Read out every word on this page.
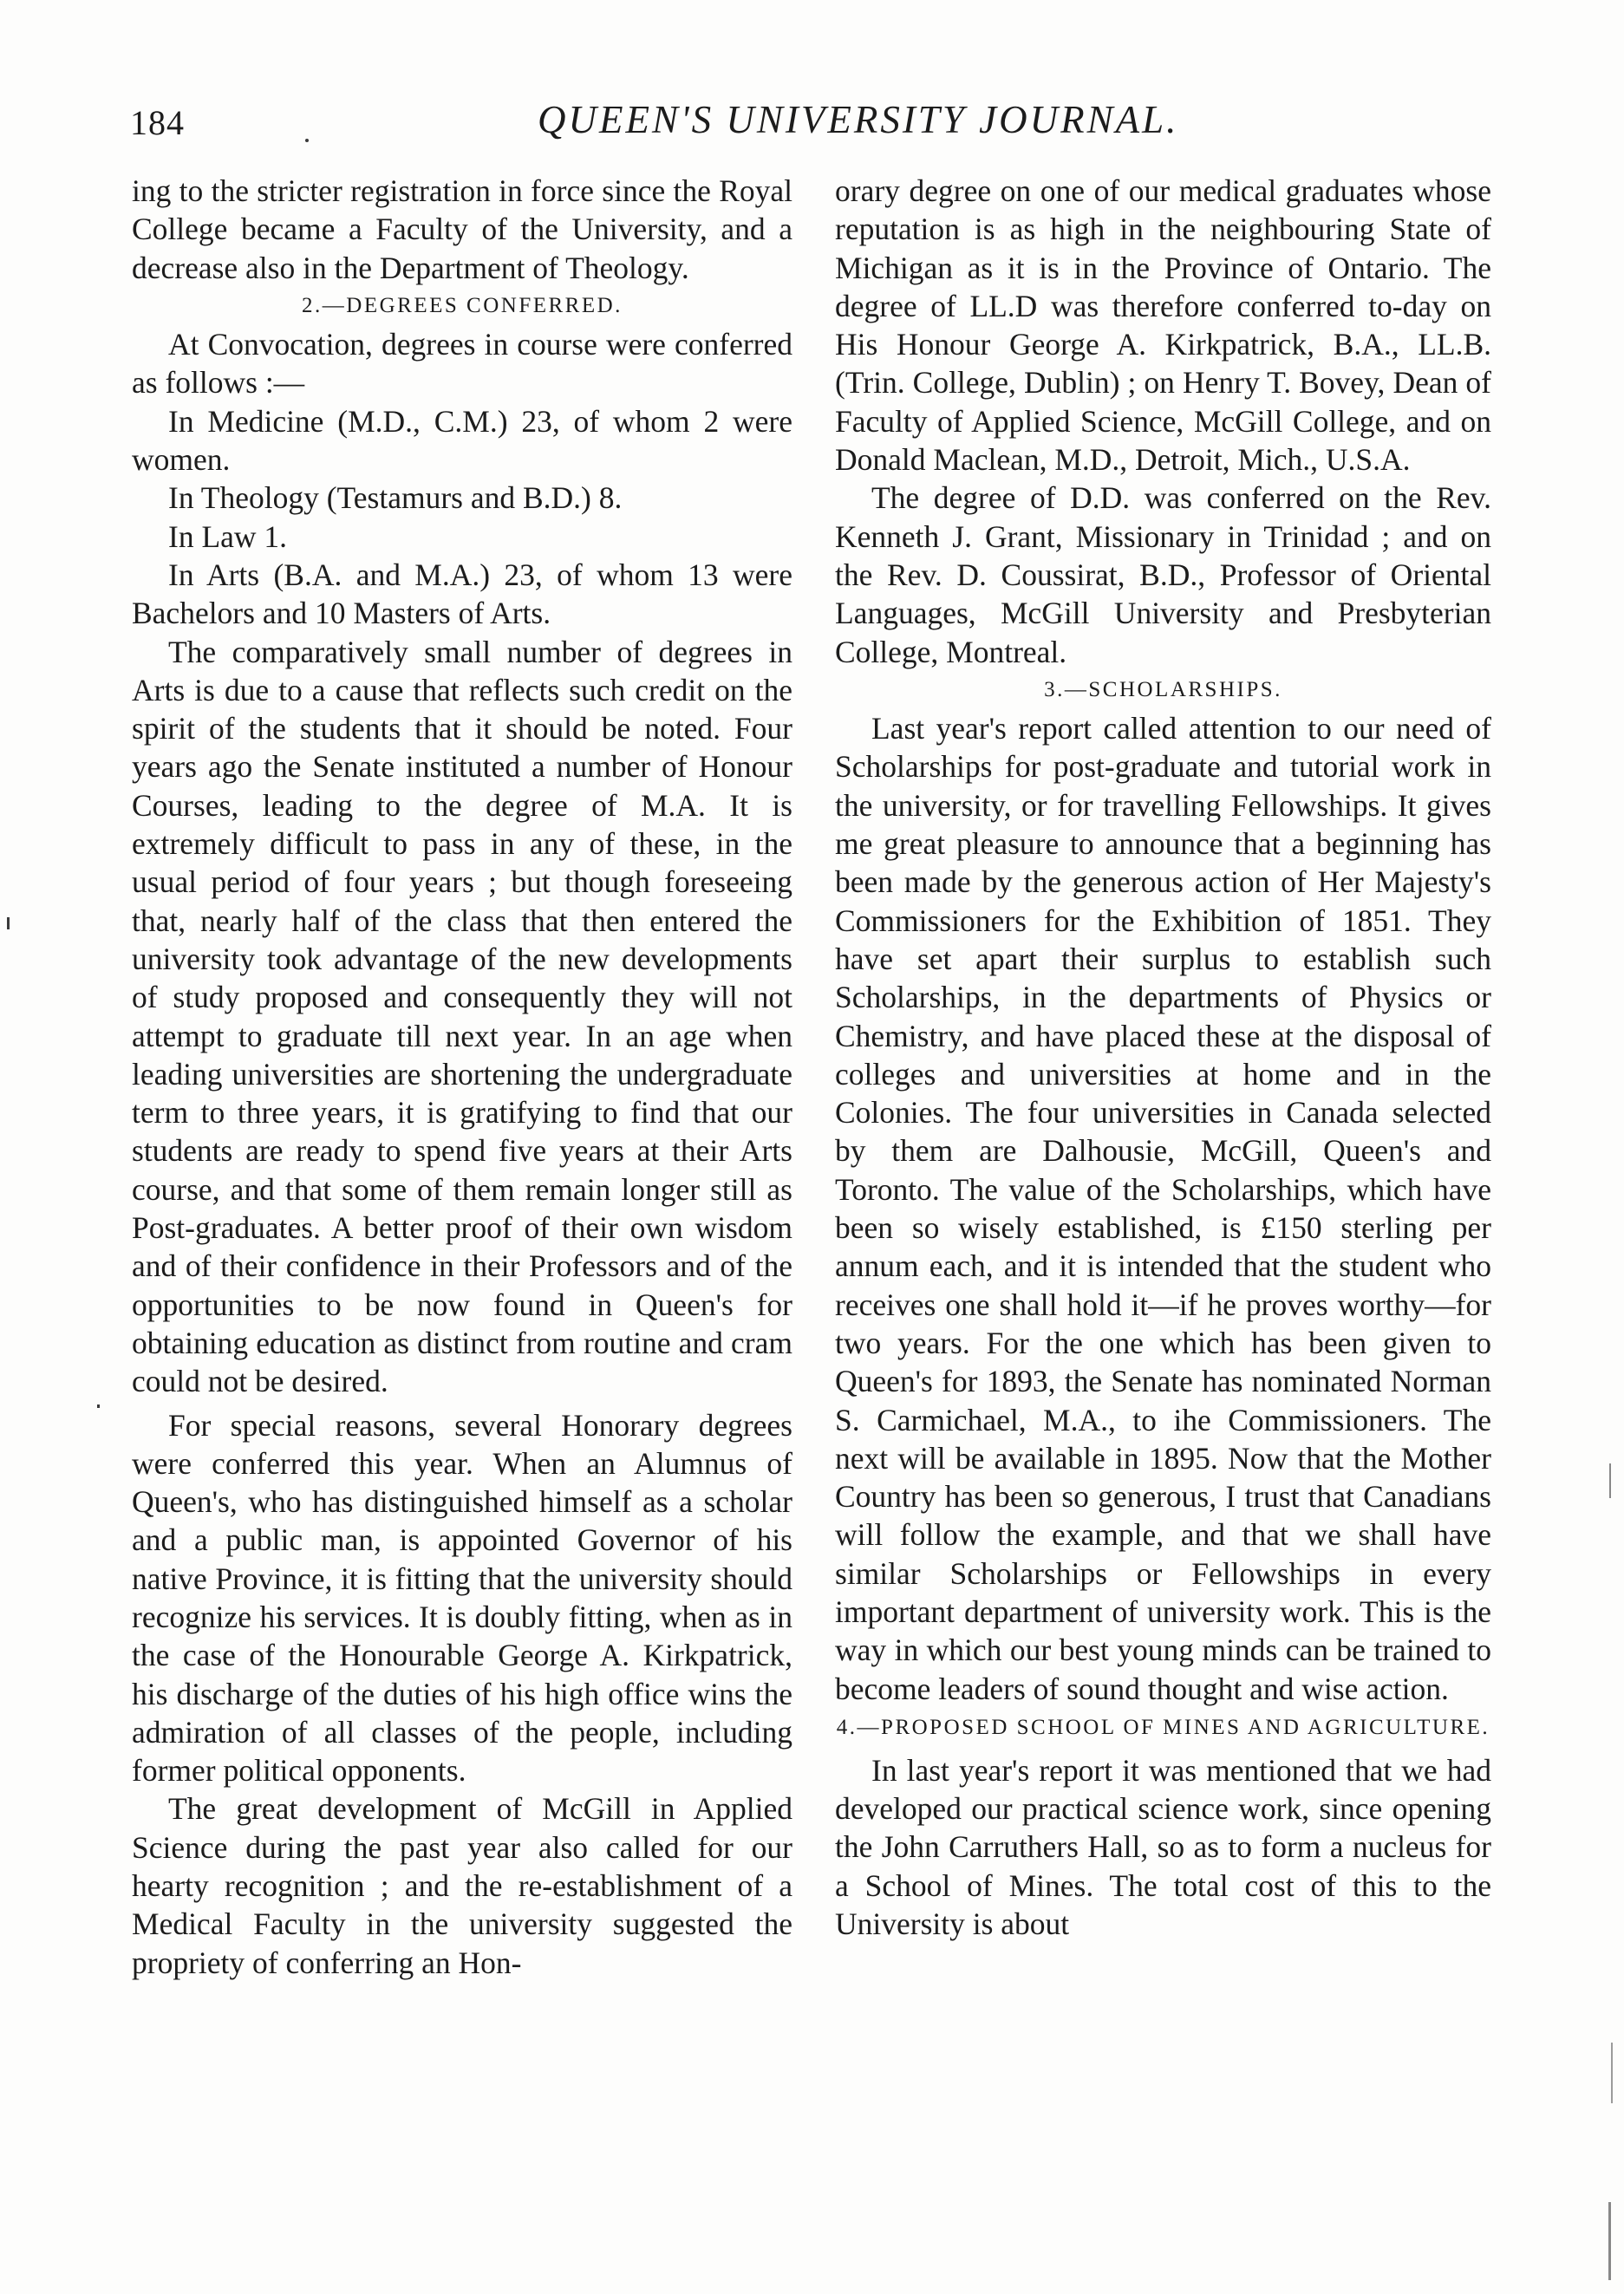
184	QUEEN'S UNIVERSITY JOURNAL.

ing to the stricter registration in force since the Royal College became a Faculty of the University, and a decrease also in the Department of Theology.

2.—DEGREES CONFERRED.

At Convocation, degrees in course were conferred as follows :—

In Medicine (M.D., C.M.) 23, of whom 2 were women.

In Theology (Testamurs and B.D.) 8.

In Law 1.

In Arts (B.A. and M.A.) 23, of whom 13 were Bachelors and 10 Masters of Arts.

The comparatively small number of degrees in Arts is due to a cause that reflects such credit on the spirit of the students that it should be noted. Four years ago the Senate instituted a number of Honour Courses, leading to the degree of M.A. It is extremely difficult to pass in any of these, in the usual period of four years ; but though foreseeing that, nearly half of the class that then entered the university took advantage of the new developments of study proposed and consequently they will not attempt to graduate till next year. In an age when leading universities are shortening the undergraduate term to three years, it is gratifying to find that our students are ready to spend five years at their Arts course, and that some of them remain longer still as Post-graduates. A better proof of their own wisdom and of their confidence in their Professors and of the opportunities to be now found in Queen's for obtaining education as distinct from routine and cram could not be desired.

For special reasons, several Honorary degrees were conferred this year. When an Alumnus of Queen's, who has distinguished himself as a scholar and a public man, is appointed Governor of his native Province, it is fitting that the university should recognize his services. It is doubly fitting, when as in the case of the Honourable George A. Kirkpatrick, his discharge of the duties of his high office wins the admiration of all classes of the people, including former political opponents.

The great development of McGill in Applied Science during the past year also called for our hearty recognition ; and the re-establishment of a Medical Faculty in the university suggested the propriety of conferring an Hon-

orary degree on one of our medical graduates whose reputation is as high in the neighbouring State of Michigan as it is in the Province of Ontario. The degree of LL.D was therefore conferred to-day on His Honour George A. Kirkpatrick, B.A., LL.B. (Trin. College, Dublin) ; on Henry T. Bovey, Dean of Faculty of Applied Science, McGill College, and on Donald Maclean, M.D., Detroit, Mich., U.S.A.

The degree of D.D. was conferred on the Rev. Kenneth J. Grant, Missionary in Trinidad ; and on the Rev. D. Coussirat, B.D., Professor of Oriental Languages, McGill University and Presbyterian College, Montreal.

3.—SCHOLARSHIPS.

Last year's report called attention to our need of Scholarships for post-graduate and tutorial work in the university, or for travelling Fellowships. It gives me great pleasure to announce that a beginning has been made by the generous action of Her Majesty's Commissioners for the Exhibition of 1851. They have set apart their surplus to establish such Scholarships, in the departments of Physics or Chemistry, and have placed these at the disposal of colleges and universities at home and in the Colonies. The four universities in Canada selected by them are Dalhousie, McGill, Queen's and Toronto. The value of the Scholarships, which have been so wisely established, is £150 sterling per annum each, and it is intended that the student who receives one shall hold it—if he proves worthy—for two years. For the one which has been given to Queen's for 1893, the Senate has nominated Norman S. Carmichael, M.A., to ihe Commissioners. The next will be available in 1895. Now that the Mother Country has been so generous, I trust that Canadians will follow the example, and that we shall have similar Scholarships or Fellowships in every important department of university work. This is the way in which our best young minds can be trained to become leaders of sound thought and wise action.

4.—PROPOSED SCHOOL OF MINES AND AGRICULTURE.

In last year's report it was mentioned that we had developed our practical science work, since opening the John Carruthers Hall, so as to form a nucleus for a School of Mines. The total cost of this to the University is about
